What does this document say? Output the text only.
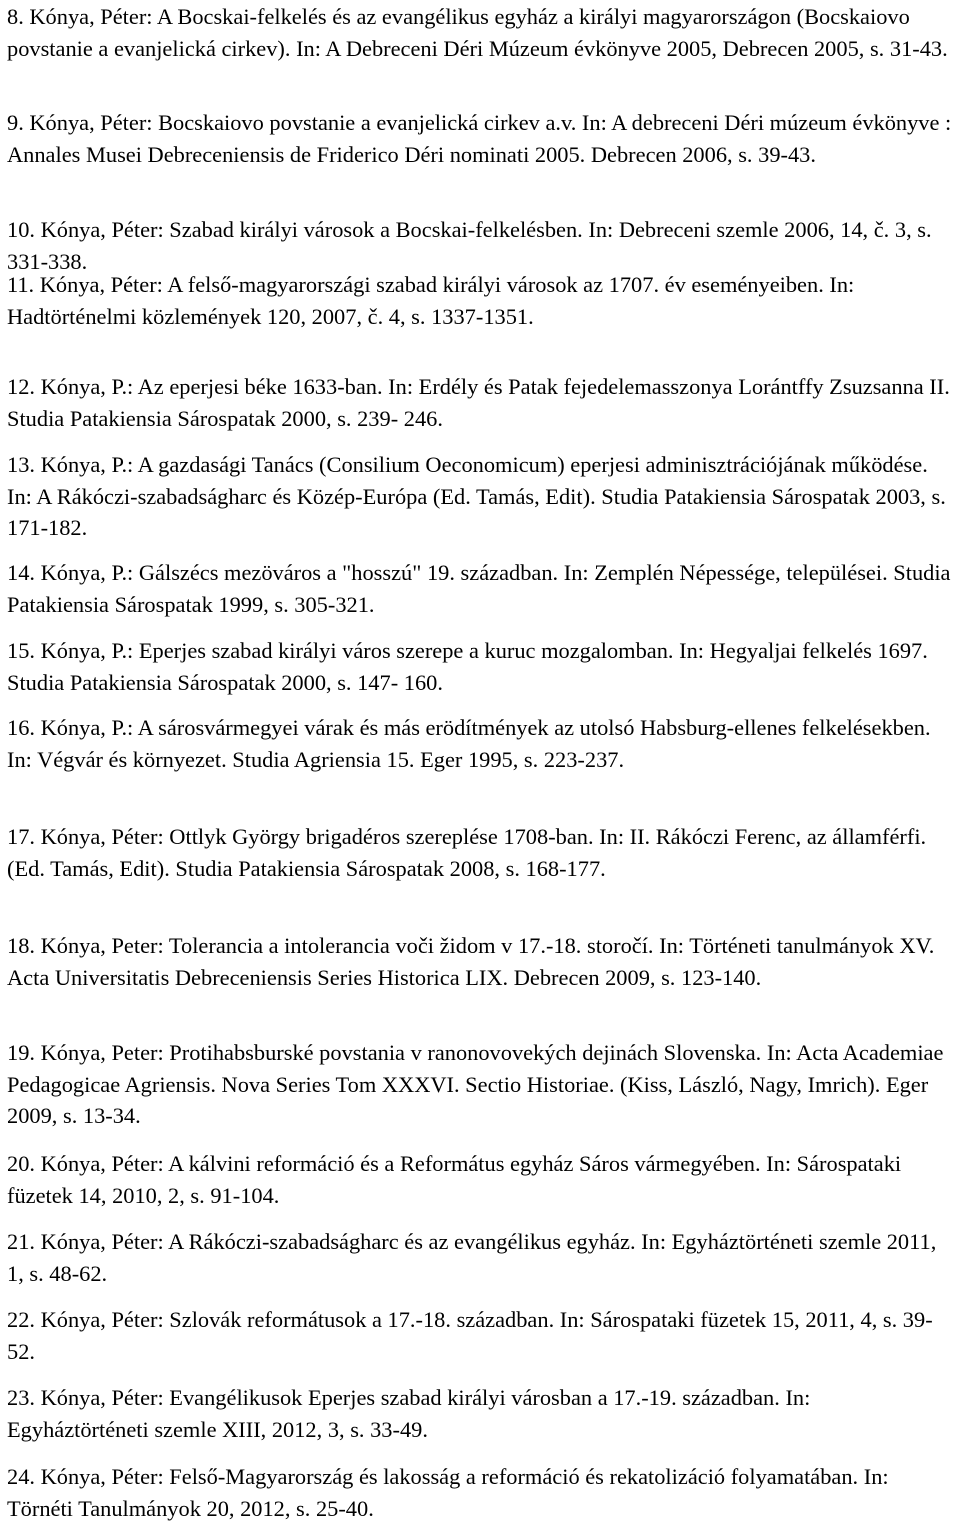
8. Kónya, Péter: A Bocskai-felkelés és az evangélikus egyház a királyi magyarországon (Bocskaiovo povstanie a evanjelická cirkev). In: A Debreceni Déri Múzeum évkönyve 2005, Debrecen 2005, s. 31-43.

9. Kónya, Péter: Bocskaiovo povstanie a evanjelická cirkev a.v. In: A debreceni Déri múzeum évkönyve : Annales Musei Debreceniensis de Friderico Déri nominati 2005. Debrecen 2006, s. 39-43.

10. Kónya, Péter: Szabad királyi városok a Bocskai-felkelésben. In: Debreceni szemle 2006, 14, č. 3, s. 331-338.

11. Kónya, Péter: A felső-magyarországi szabad királyi városok az 1707. év eseményeiben. In: Hadtörténelmi közlemények 120, 2007, č. 4, s. 1337-1351.

12. Kónya, P.: Az eperjesi béke 1633-ban. In: Erdély és Patak fejedelemasszonya Lorántffy Zsuzsanna II. Studia Patakiensia Sárospatak 2000, s. 239- 246.

13. Kónya, P.: A gazdasági Tanács (Consilium Oeconomicum) eperjesi adminisztrációjának működése. In: A Rákóczi-szabadságharc és Közép-Európa (Ed. Tamás, Edit). Studia Patakiensia Sárospatak 2003, s. 171-182.

14. Kónya, P.: Gálszécs mezöváros a "hosszú" 19. században. In: Zemplén Népessége, települései. Studia Patakiensia Sárospatak 1999, s. 305-321.

15. Kónya, P.: Eperjes szabad királyi város szerepe a kuruc mozgalomban. In: Hegyaljai felkelés 1697. Studia Patakiensia Sárospatak 2000, s. 147- 160.

16. Kónya, P.: A sárosvármegyei várak és más erödítmények az utolsó Habsburg-ellenes felkelésekben. In: Végvár és környezet. Studia Agriensia 15. Eger 1995, s. 223-237.

17. Kónya, Péter: Ottlyk György brigadéros szereplése 1708-ban. In: II. Rákóczi Ferenc, az államférfi. (Ed. Tamás, Edit). Studia Patakiensia Sárospatak 2008, s. 168-177.

18. Kónya, Peter: Tolerancia a intolerancia voči židom v 17.-18. storočí. In: Történeti tanulmányok XV. Acta Universitatis Debreceniensis Series Historica LIX. Debrecen 2009, s. 123-140.

19. Kónya, Peter: Protihabsburské povstania v ranonovovekých dejinách Slovenska. In: Acta Academiae Pedagogicae Agriensis. Nova Series Tom XXXVI. Sectio Historiae. (Kiss, László, Nagy, Imrich). Eger 2009, s. 13-34.

20. Kónya, Péter: A kálvini reformáció és a Református egyház Sáros vármegyében. In: Sárospataki füzetek 14, 2010, 2, s. 91-104.

21. Kónya, Péter: A Rákóczi-szabadságharc és az evangélikus egyház. In: Egyháztörténeti szemle 2011, 1, s. 48-62.

22. Kónya, Péter: Szlovák reformátusok a 17.-18. században. In: Sárospataki füzetek 15, 2011, 4, s. 39-52.

23. Kónya, Péter: Evangélikusok Eperjes szabad királyi városban a 17.-19. században. In: Egyháztörténeti szemle XIII, 2012, 3, s. 33-49.

24. Kónya, Péter: Felső-Magyarország és lakosság a reformáció és rekatolizáció folyamatában. In: Törnéti Tanulmányok 20, 2012, s. 25-40.
